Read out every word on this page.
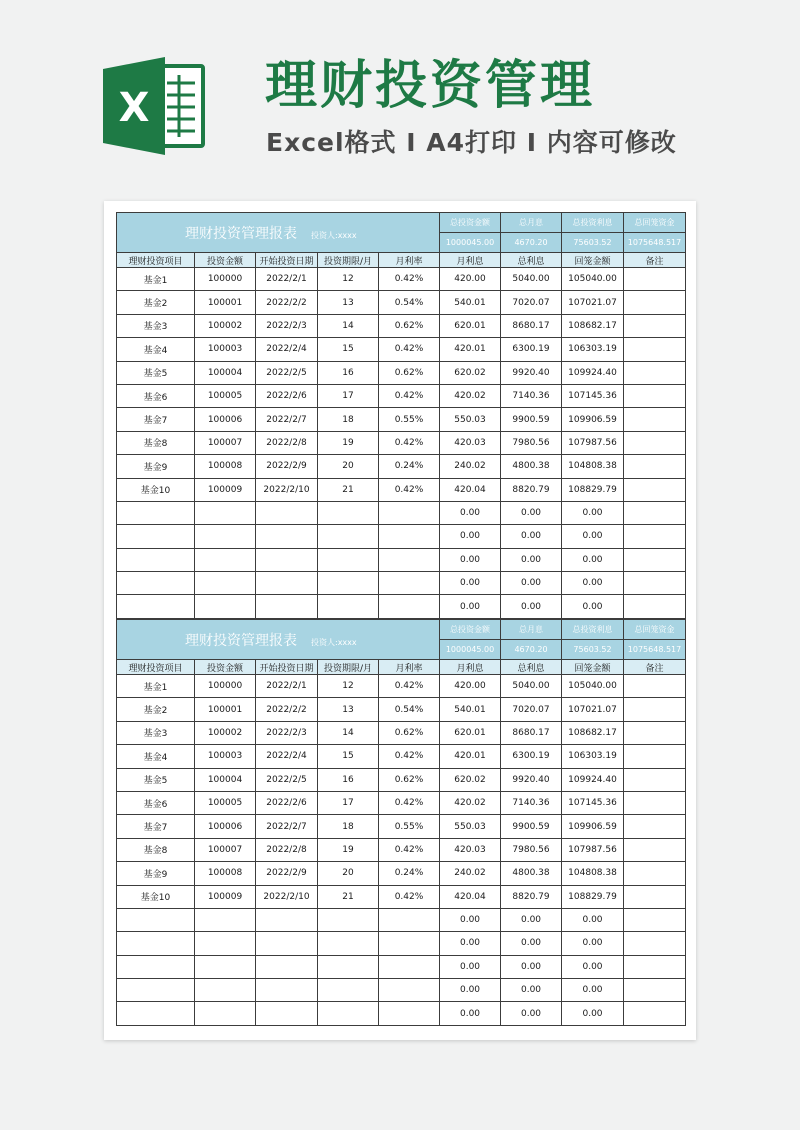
X 理财投资管理
Excel格式 I A4打印 I 内容可修改
理财投资管理报表 投资人:xxxx					总投资金额	总月息	总投资利息	总回笼资金
					1000045.00	4670.20	75603.52	1075648.517
理财投资项目	投资金额	开始投资日期	投资期限/月	月利率	月利息	总利息	回笼金额	备注
基金1	100000	2022/2/1	12	0.42%	420.00	5040.00	105040.00	
基金2	100001	2022/2/2	13	0.54%	540.01	7020.07	107021.07	
基金3	100002	2022/2/3	14	0.62%	620.01	8680.17	108682.17	
基金4	100003	2022/2/4	15	0.42%	420.01	6300.19	106303.19	
基金5	100004	2022/2/5	16	0.62%	620.02	9920.40	109924.40	
基金6	100005	2022/2/6	17	0.42%	420.02	7140.36	107145.36	
基金7	100006	2022/2/7	18	0.55%	550.03	9900.59	109906.59	
基金8	100007	2022/2/8	19	0.42%	420.03	7980.56	107987.56	
基金9	100008	2022/2/9	20	0.24%	240.02	4800.38	104808.38	
基金10	100009	2022/2/10	21	0.42%	420.04	8820.79	108829.79	
					0.00	0.00	0.00	
					0.00	0.00	0.00	
					0.00	0.00	0.00	
					0.00	0.00	0.00	
					0.00	0.00	0.00	
理财投资管理报表 投资人:xxxx					总投资金额	总月息	总投资利息	总回笼资金
					1000045.00	4670.20	75603.52	1075648.517
理财投资项目	投资金额	开始投资日期	投资期限/月	月利率	月利息	总利息	回笼金额	备注
基金1	100000	2022/2/1	12	0.42%	420.00	5040.00	105040.00	
基金2	100001	2022/2/2	13	0.54%	540.01	7020.07	107021.07	
基金3	100002	2022/2/3	14	0.62%	620.01	8680.17	108682.17	
基金4	100003	2022/2/4	15	0.42%	420.01	6300.19	106303.19	
基金5	100004	2022/2/5	16	0.62%	620.02	9920.40	109924.40	
基金6	100005	2022/2/6	17	0.42%	420.02	7140.36	107145.36	
基金7	100006	2022/2/7	18	0.55%	550.03	9900.59	109906.59	
基金8	100007	2022/2/8	19	0.42%	420.03	7980.56	107987.56	
基金9	100008	2022/2/9	20	0.24%	240.02	4800.38	104808.38	
基金10	100009	2022/2/10	21	0.42%	420.04	8820.79	108829.79	
					0.00	0.00	0.00	
					0.00	0.00	0.00	
					0.00	0.00	0.00	
					0.00	0.00	0.00	
					0.00	0.00	0.00	
